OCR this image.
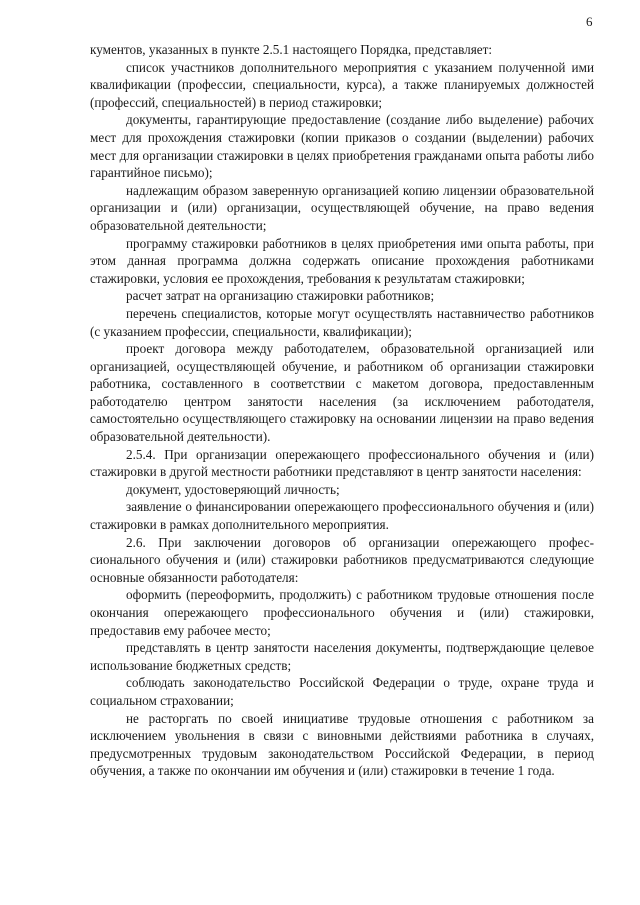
6

кументов, указанных в пункте 2.5.1 настоящего Порядка, представляет:

список участников дополнительного мероприятия с указанием полученной ими квалификации (профессии, специальности, курса), а также планируемых должностей (профессий, специальностей) в период стажировки;

документы, гарантирующие предоставление (создание либо выделение) рабочих мест для прохождения стажировки (копии приказов о создании (выделении) рабочих мест для организации стажировки в целях приобретения гражданами опыта работы либо гарантийное письмо);

надлежащим образом заверенную организацией копию лицензии образовательной организации и (или) организации, осуществляющей обучение, на право ведения образовательной деятельности;

программу стажировки работников в целях приобретения ими опыта работы, при этом данная программа должна содержать описание прохождения работниками стажировки, условия ее прохождения, требования к результатам стажировки;

расчет затрат на организацию стажировки работников;

перечень специалистов, которые могут осуществлять наставничество работников (с указанием профессии, специальности, квалификации);

проект договора между работодателем, образовательной организацией или организацией, осуществляющей обучение, и работником об организации стажировки работника, составленного в соответствии с макетом договора, предоставленным работодателю центром занятости населения (за исключением работодателя, самостоятельно осуществляющего стажировку на основании лицензии на право ведения образовательной деятельности).

2.5.4. При организации опережающего профессионального обучения и (или) стажировки в другой местности работники представляют в центр занятости населения:

документ, удостоверяющий личность;

заявление о финансировании опережающего профессионального обучения и (или) стажировки в рамках дополнительного мероприятия.

2.6. При заключении договоров об организации опережающего профессионального обучения и (или) стажировки работников предусматриваются следующие основные обязанности работодателя:

оформить (переоформить, продолжить) с работником трудовые отношения после окончания опережающего профессионального обучения и (или) стажировки, предоставив ему рабочее место;

представлять в центр занятости населения документы, подтверждающие целевое использование бюджетных средств;

соблюдать законодательство Российской Федерации о труде, охране труда и социальном страховании;

не расторгать по своей инициативе трудовые отношения с работником за исключением увольнения в связи с виновными действиями работника в случаях, предусмотренных трудовым законодательством Российской Федерации, в период обучения, а также по окончании им обучения и (или) стажировки в течение 1 года.
